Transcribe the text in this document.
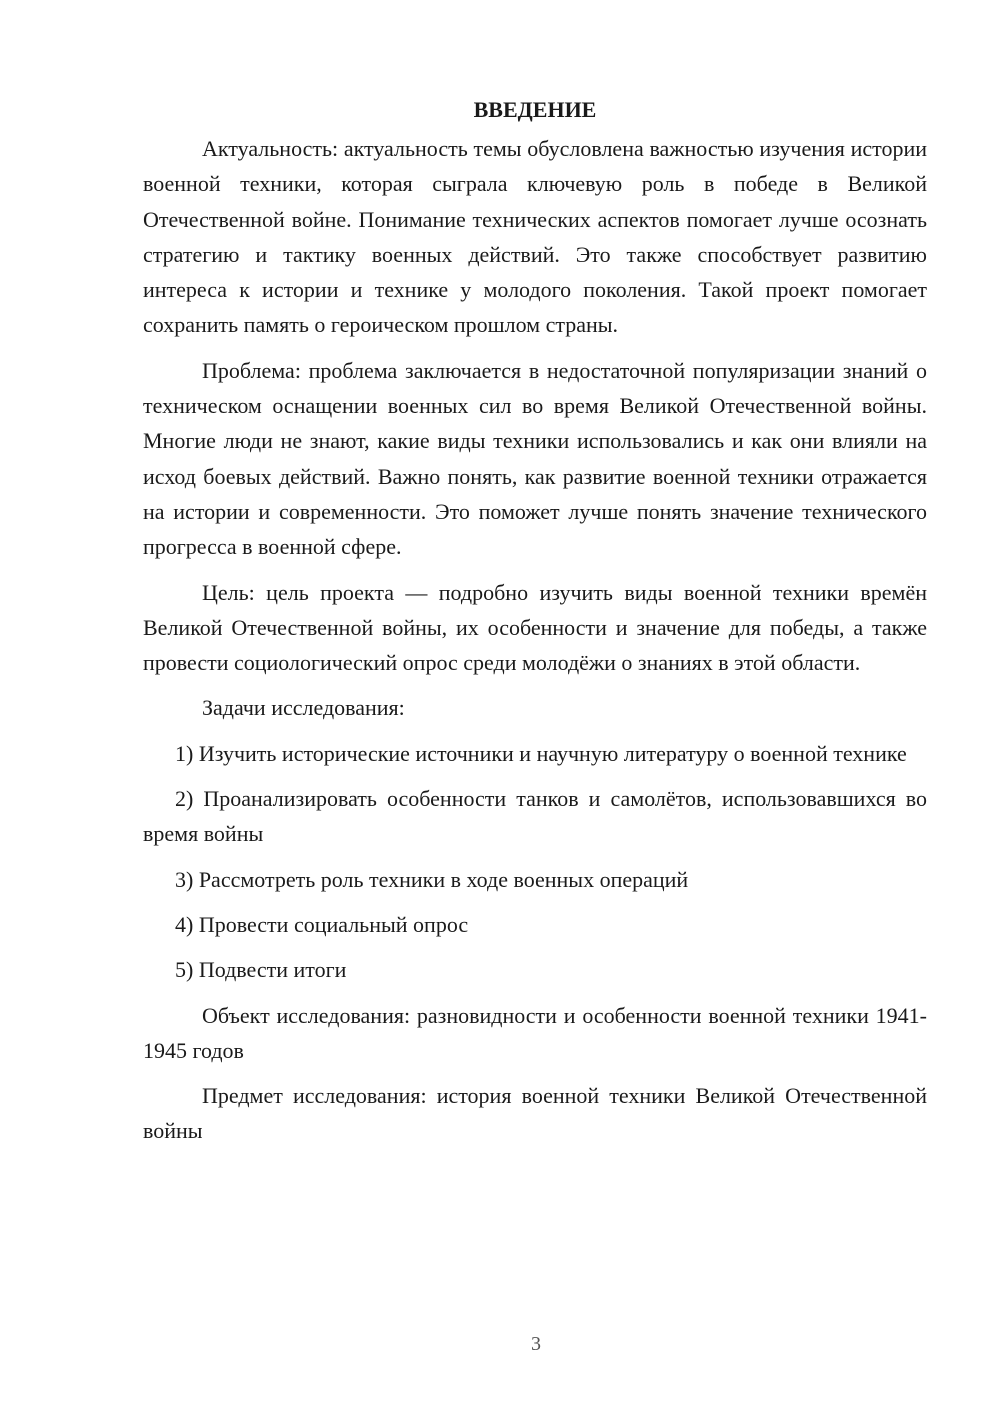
ВВЕДЕНИЕ

Актуальность: актуальность темы обусловлена важностью изучения истории военной техники, которая сыграла ключевую роль в победе в Великой Отечественной войне. Понимание технических аспектов помогает лучше осознать стратегию и тактику военных действий. Это также способствует развитию интереса к истории и технике у молодого поколения. Такой проект помогает сохранить память о героическом прошлом страны.

Проблема: проблема заключается в недостаточной популяризации знаний о техническом оснащении военных сил во время Великой Отечественной войны. Многие люди не знают, какие виды техники использовались и как они влияли на исход боевых действий. Важно понять, как развитие военной техники отражается на истории и современности. Это поможет лучше понять значение технического прогресса в военной сфере.

Цель: цель проекта — подробно изучить виды военной техники времён Великой Отечественной войны, их особенности и значение для победы, а также провести социологический опрос среди молодёжи о знаниях в этой области.

Задачи исследования:

1) Изучить исторические источники и научную литературу о военной технике

2) Проанализировать особенности танков и самолётов, использовавшихся во время войны

3) Рассмотреть роль техники в ходе военных операций

4) Провести социальный опрос

5) Подвести итоги

Объект исследования: разновидности и особенности военной техники 1941-1945 годов

Предмет исследования: история военной техники Великой Отечественной войны

3
